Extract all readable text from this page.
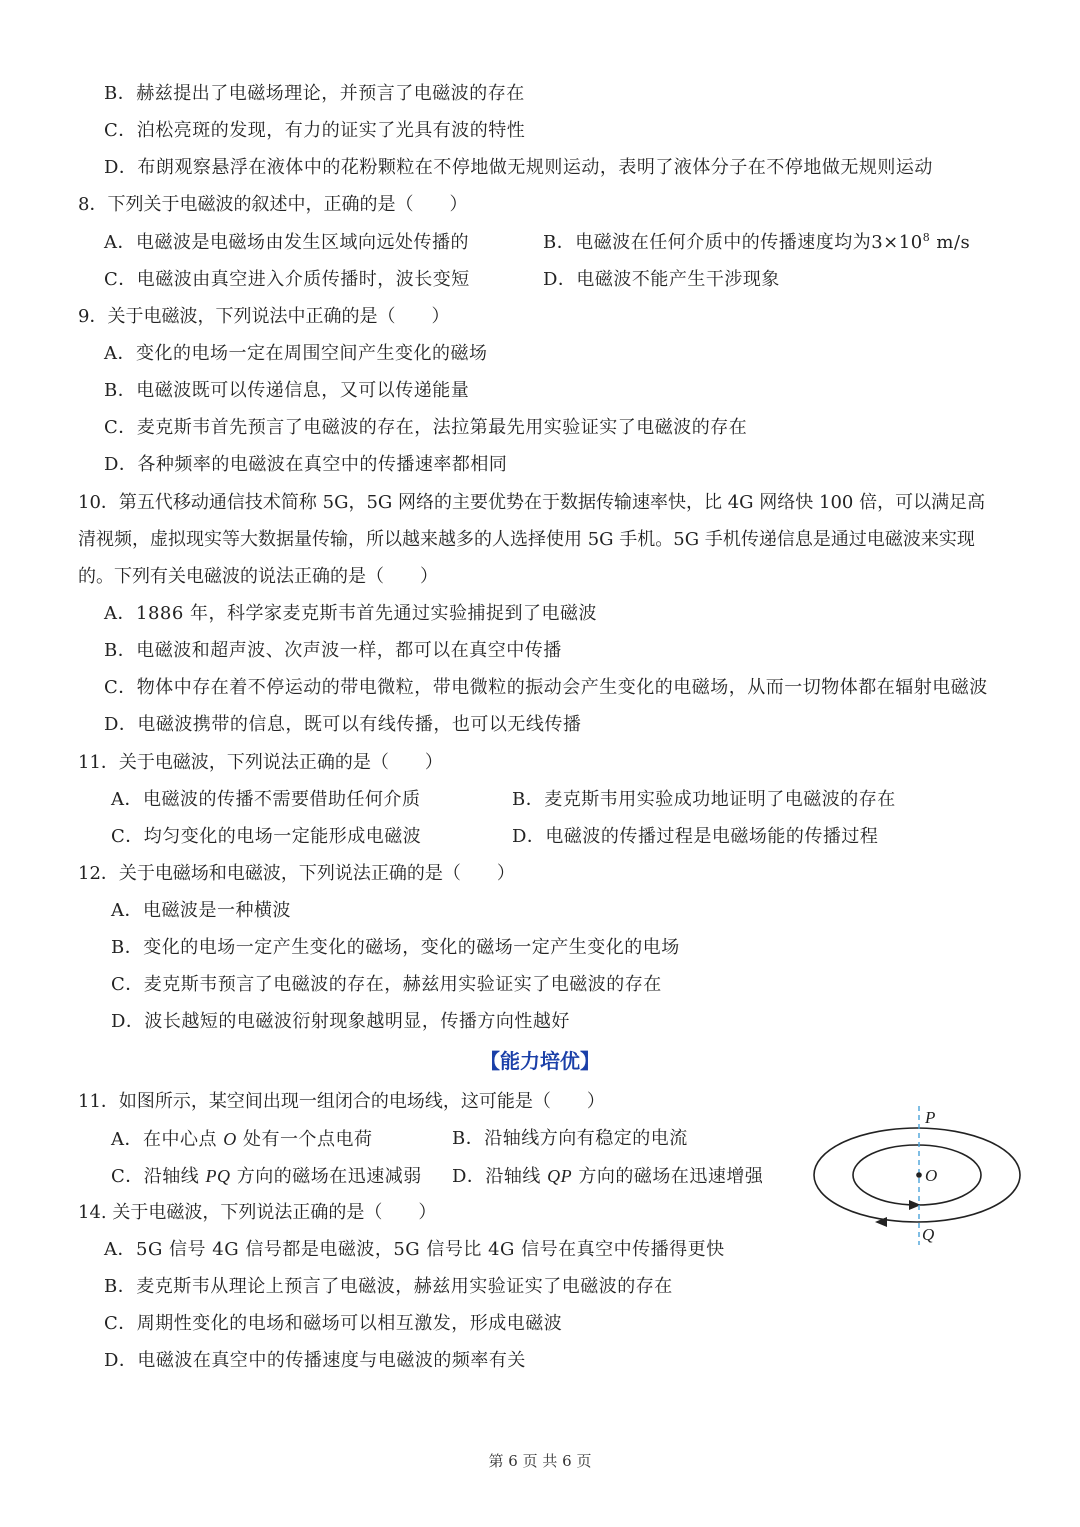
B．赫兹提出了电磁场理论，并预言了电磁波的存在
C．泊松亮斑的发现，有力的证实了光具有波的特性
D．布朗观察悬浮在液体中的花粉颗粒在不停地做无规则运动，表明了液体分子在不停地做无规则运动
8．下列关于电磁波的叙述中，正确的是（　　）
A．电磁波是电磁场由发生区域向远处传播的	B．电磁波在任何介质中的传播速度均为$3\times 10^8$ m/s
C．电磁波由真空进入介质传播时，波长变短	D．电磁波不能产生干涉现象
9．关于电磁波，下列说法中正确的是（　　）
A．变化的电场一定在周围空间产生变化的磁场
B．电磁波既可以传递信息，又可以传递能量
C．麦克斯韦首先预言了电磁波的存在，法拉第最先用实验证实了电磁波的存在
D．各种频率的电磁波在真空中的传播速率都相同
10．第五代移动通信技术简称 5G，5G 网络的主要优势在于数据传输速率快，比 4G 网络快 100 倍，可以满足高
清视频，虚拟现实等大数据量传输，所以越来越多的人选择使用 5G 手机。5G 手机传递信息是通过电磁波来实现
的。下列有关电磁波的说法正确的是（　　）
A．1886 年，科学家麦克斯韦首先通过实验捕捉到了电磁波
B．电磁波和超声波、次声波一样，都可以在真空中传播
C．物体中存在着不停运动的带电微粒，带电微粒的振动会产生变化的电磁场，从而一切物体都在辐射电磁波
D．电磁波携带的信息，既可以有线传播，也可以无线传播
11．关于电磁波，下列说法正确的是（　　）
A．电磁波的传播不需要借助任何介质	B．麦克斯韦用实验成功地证明了电磁波的存在
C．均匀变化的电场一定能形成电磁波	D．电磁波的传播过程是电磁场能的传播过程
12．关于电磁场和电磁波，下列说法正确的是（　　）
A．电磁波是一种横波
B．变化的电场一定产生变化的磁场，变化的磁场一定产生变化的电场
C．麦克斯韦预言了电磁波的存在，赫兹用实验证实了电磁波的存在
D．波长越短的电磁波衍射现象越明显，传播方向性越好
【能力培优】
11．如图所示，某空间出现一组闭合的电场线，这可能是（　　）
A．在中心点 O 处有一个点电荷	B．沿轴线方向有稳定的电流
C．沿轴线 PQ 方向的磁场在迅速减弱 D．沿轴线 QP 方向的磁场在迅速增强
P
O
Q
14. 关于电磁波，下列说法正确的是（　　）
A．5G 信号 4G 信号都是电磁波，5G 信号比 4G 信号在真空中传播得更快
B．麦克斯韦从理论上预言了电磁波，赫兹用实验证实了电磁波的存在
C．周期性变化的电场和磁场可以相互激发，形成电磁波
D．电磁波在真空中的传播速度与电磁波的频率有关
第 6 页 共 6 页
